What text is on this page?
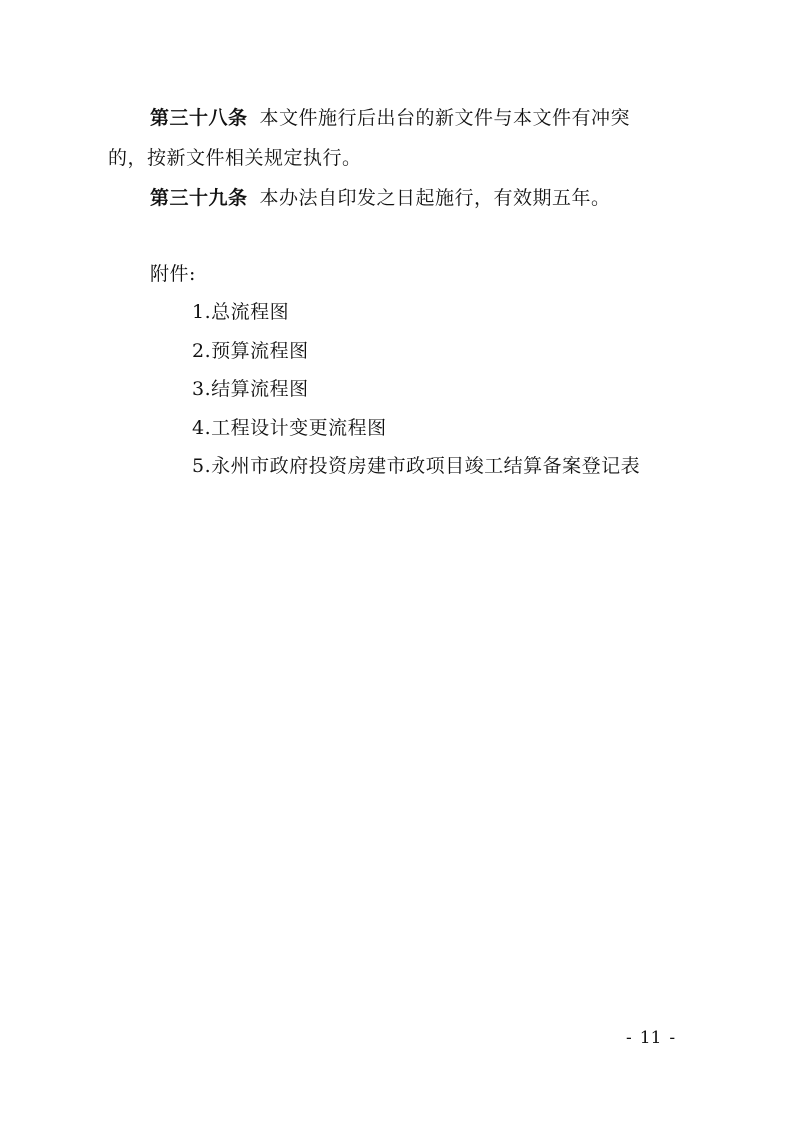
第三十八条 本文件施行后出台的新文件与本文件有冲突
的，按新文件相关规定执行。
第三十九条 本办法自印发之日起施行，有效期五年。
附件:
1.总流程图
2.预算流程图
3.结算流程图
4.工程设计变更流程图
5.永州市政府投资房建市政项目竣工结算备案登记表
- 11 -
